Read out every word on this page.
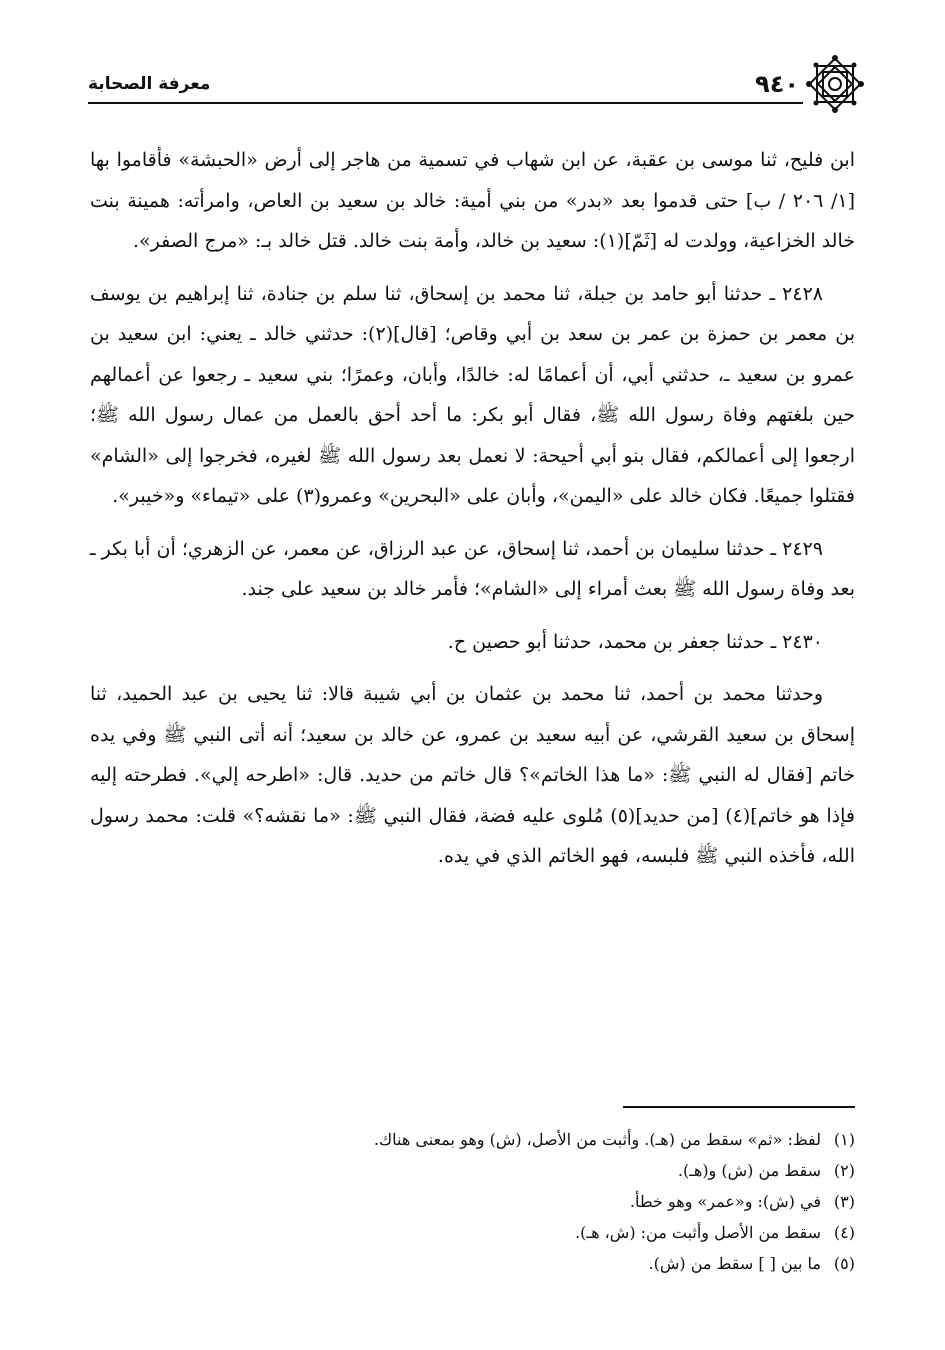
٩٤٠
معرفة الصحابة

ابن فليح، ثنا موسى بن عقبة، عن ابن شهاب في تسمية من هاجر إلى أرض «الحبشة» فأقاموا بها [١/ ٢٠٦ / ب] حتى قدموا بعد «بدر» من بني أمية: خالد بن سعيد بن العاص، وامرأته: همينة بنت خالد الخزاعية، وولدت له [ثَمّ](١): سعيد بن خالد، وأمة بنت خالد. قتل خالد بـ: «مرج الصفر».

٢٤٢٨ ـ حدثنا أبو حامد بن جبلة، ثنا محمد بن إسحاق، ثنا سلم بن جنادة، ثنا إبراهيم بن يوسف بن معمر بن حمزة بن عمر بن سعد بن أبي وقاص؛ [قال](٢): حدثني خالد ـ يعني: ابن سعيد بن عمرو بن سعيد ـ، حدثني أبي، أن أعمامًا له: خالدًا، وأبان، وعمرًا؛ بني سعيد ـ رجعوا عن أعمالهم حين بلغتهم وفاة رسول الله ﷺ، فقال أبو بكر: ما أحد أحق بالعمل من عمال رسول الله ﷺ؛ ارجعوا إلى أعمالكم، فقال بنو أبي أحيحة: لا نعمل بعد رسول الله ﷺ لغيره، فخرجوا إلى «الشام» فقتلوا جميعًا. فكان خالد على «اليمن»، وأبان على «البحرين» وعمرو(٣) على «تيماء» و«خيبر».

٢٤٢٩ ـ حدثنا سليمان بن أحمد، ثنا إسحاق، عن عبد الرزاق، عن معمر، عن الزهري؛ أن أبا بكر ـ بعد وفاة رسول الله ﷺ بعث أمراء إلى «الشام»؛ فأمر خالد بن سعيد على جند.

٢٤٣٠ ـ حدثنا جعفر بن محمد، حدثنا أبو حصين ح.

وحدثنا محمد بن أحمد، ثنا محمد بن عثمان بن أبي شيبة قالا: ثنا يحيى بن عبد الحميد، ثنا إسحاق بن سعيد القرشي، عن أبيه سعيد بن عمرو، عن خالد بن سعيد؛ أنه أتى النبي ﷺ وفي يده خاتم [فقال له النبي ﷺ: «ما هذا الخاتم»؟ قال خاتم من حديد. قال: «اطرحه إلي». فطرحته إليه فإذا هو خاتم](٤) [من حديد](٥) مُلوى عليه فضة، فقال النبي ﷺ: «ما نقشه؟» قلت: محمد رسول الله، فأخذه النبي ﷺ فلبسه، فهو الخاتم الذي في يده.

(١)لفظ: «ثم» سقط من (هـ). وأثبت من الأصل، (ش) وهو بمعنى هناك.

(٢)سقط من (ش) و(هـ).

(٣)في (ش): و«عمر» وهو خطأ.

(٤)سقط من الأصل وأثبت من: (ش، هـ).

(٥)ما بين [ ] سقط من (ش).
